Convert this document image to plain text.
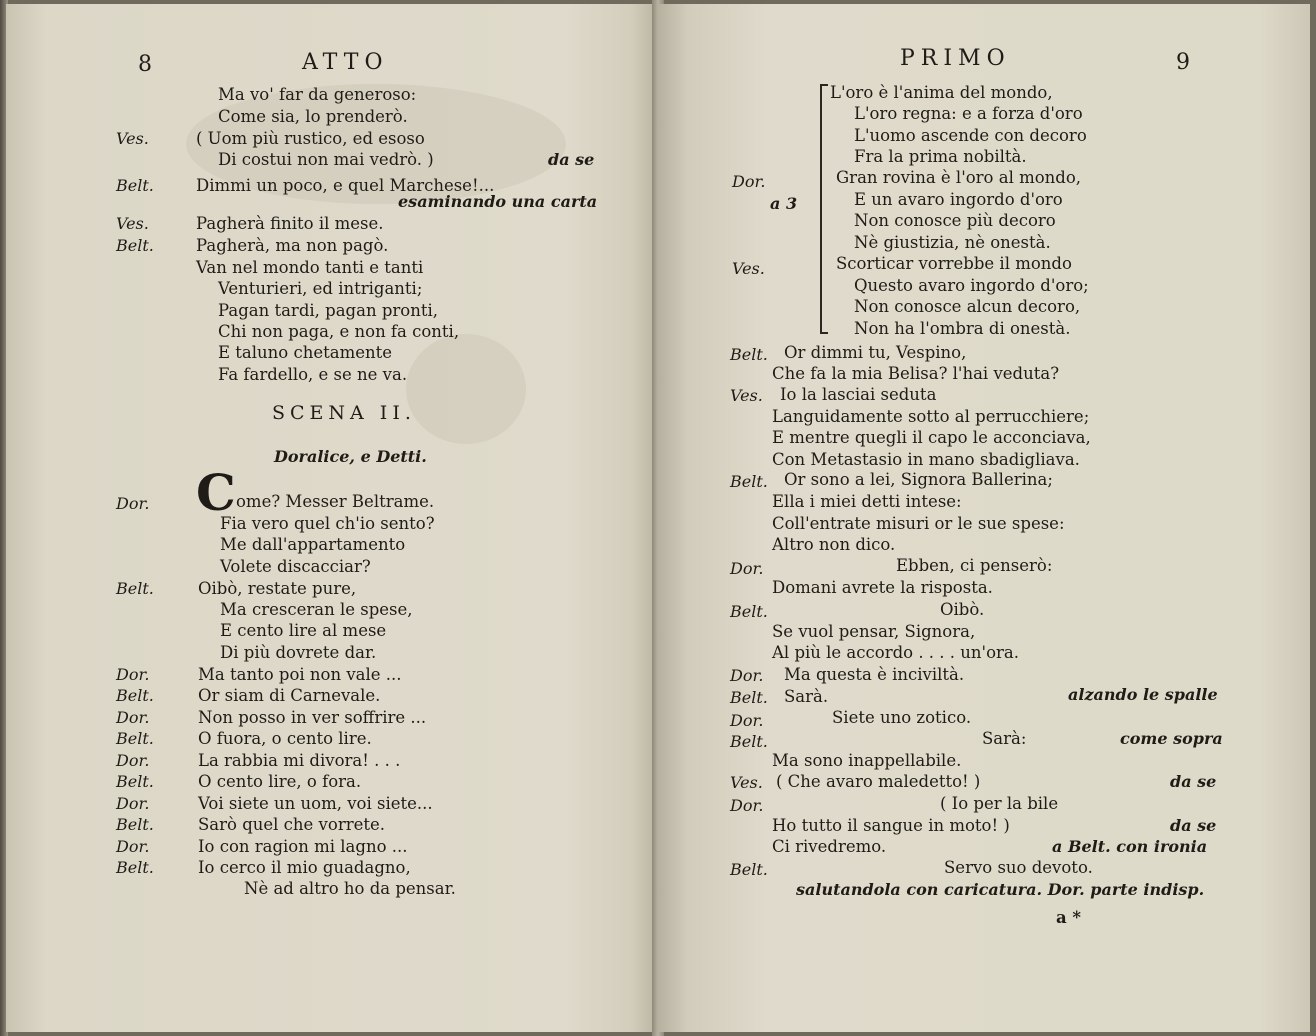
8	ATTO
Ma vo' far da generoso:
Come sia, lo prenderò.
Ves.	( Uom più rustico, ed esoso
Di costui non mai vedrò. )	da se
Belt.	Dimmi un poco, e quel Marchese!...
esaminando una carta
Ves.	Pagherà finito il mese.
Belt.	Pagherà, ma non pagò.
Van nel mondo tanti e tanti
Venturieri, ed intriganti;
Pagan tardi, pagan pronti,
Chi non paga, e non fa conti,
E taluno chetamente
Fa fardello, e se ne va.
SCENA II.
Doralice, e Detti.
C
Dor.	ome? Messer Beltrame.
Fia vero quel ch'io sento?
Me dall'appartamento
Volete discacciar?
Belt.	Oibò, restate pure,
Ma cresceran le spese,
E cento lire al mese
Di più dovrete dar.
Dor.	Ma tanto poi non vale ...
Belt.	Or siam di Carnevale.
Dor.	Non posso in ver soffrire ...
Belt.	O fuora, o cento lire.
Dor.	La rabbia mi divora! . . .
Belt.	O cento lire, o fora.
Dor.	Voi siete un uom, voi siete...
Belt.	Sarò quel che vorrete.
Dor.	Io con ragion mi lagno ...
Belt.	Io cerco il mio guadagno,
Nè ad altro ho da pensar.
PRIMO	9
a 3
L'oro è l'anima del mondo,
L'oro regna: e a forza d'oro
L'uomo ascende con decoro
Fra la prima nobiltà.
Dor.	Gran rovina è l'oro al mondo,
E un avaro ingordo d'oro
Non conosce più decoro
Nè giustizia, nè onestà.
Ves.	Scorticar vorrebbe il mondo
Questo avaro ingordo d'oro;
Non conosce alcun decoro,
Non ha l'ombra di onestà.
Belt. Or dimmi tu, Vespino,
Che fa la mia Belisa? l'hai veduta?
Ves. Io la lasciai seduta
Languidamente sotto al perrucchiere;
E mentre quegli il capo le acconciava,
Con Metastasio in mano sbadigliava.
Belt. Or sono a lei, Signora Ballerina;
Ella i miei detti intese:
Coll'entrate misuri or le sue spese:
Altro non dico.
Dor.	Ebben, ci penserò:
Domani avrete la risposta.
Belt.	Oibò.
Se vuol pensar, Signora,
Al più le accordo . . . . un'ora.
Dor. Ma questa è inciviltà.
Belt. Sarà.	alzando le spalle
Dor.	Siete uno zotico.
Belt.	Sarà:	come sopra
Ma sono inappellabile.
Ves. ( Che avaro maledetto! )	da se
Dor.	( Io per la bile
Ho tutto il sangue in moto! )	da se
Ci rivedremo.	a Belt. con ironia
Belt.	Servo suo devoto.
salutandola con caricatura. Dor. parte indisp.
a *
